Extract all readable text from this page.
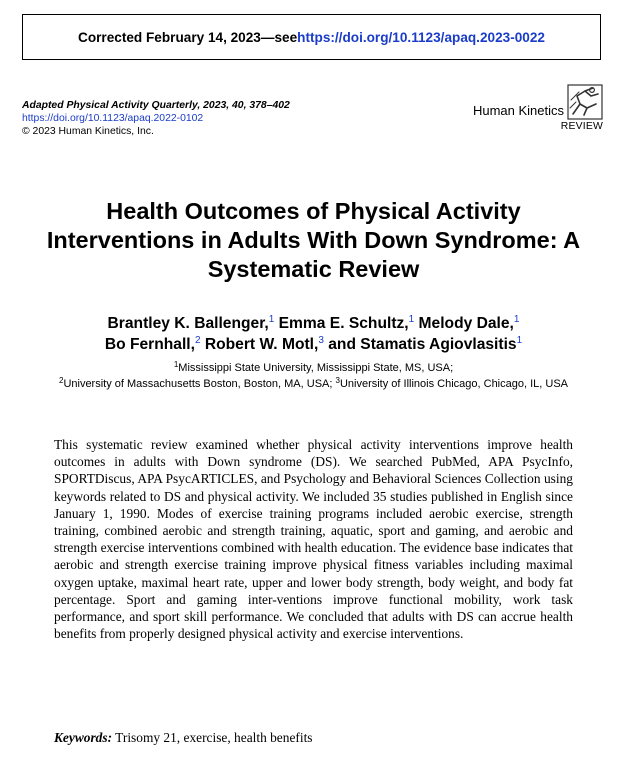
Corrected February 14, 2023—see https://doi.org/10.1123/apaq.2023-0022
Adapted Physical Activity Quarterly, 2023, 40, 378–402
https://doi.org/10.1123/apaq.2022-0102
© 2023 Human Kinetics, Inc.
Human Kinetics
REVIEW
Health Outcomes of Physical Activity Interventions in Adults With Down Syndrome: A Systematic Review
Brantley K. Ballenger,$^1$ Emma E. Schultz,$^1$ Melody Dale,$^1$
Bo Fernhall,$^2$ Robert W. Motl,$^3$ and Stamatis Agiovlasitis$^1$
$^1$Mississippi State University, Mississippi State, MS, USA;
$^2$University of Massachusetts Boston, Boston, MA, USA; $^3$University of Illinois Chicago, Chicago, IL, USA

This systematic review examined whether physical activity interventions improve health outcomes in adults with Down syndrome (DS). We searched PubMed, APA PsycInfo, SPORTDiscus, APA PsycARTICLES, and Psychology and Behavioral Sciences Collection using keywords related to DS and physical activity. We included 35 studies published in English since January 1, 1990. Modes of exercise training programs included aerobic exercise, strength training, combined aerobic and strength training, aquatic, sport and gaming, and aerobic and strength exercise interventions combined with health education. The evidence base indicates that aerobic and strength exercise training improve physical fitness variables including maximal oxygen uptake, maximal heart rate, upper and lower body strength, body weight, and body fat percentage. Sport and gaming inter-ventions improve functional mobility, work task performance, and sport skill performance. We concluded that adults with DS can accrue health benefits from properly designed physical activity and exercise interventions.

Keywords: Trisomy 21, exercise, health benefits
